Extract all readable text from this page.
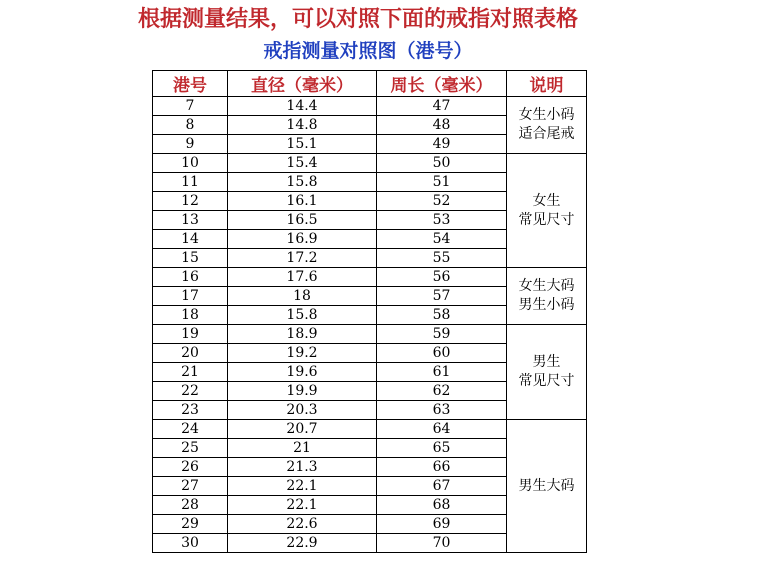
根据测量结果，可以对照下面的戒指对照表格
戒指测量对照图（港号）
港号	直径（毫米）	周长（毫米）	说明
7	14.4	47	女生小码
适合尾戒

8	14.8	48	
9	15.1	49	
10	15.4	50	女生
常见尺寸

11	15.8	51	
12	16.1	52	
13	16.5	53	
14	16.9	54	
15	17.2	55	
16	17.6	56	女生大码
男生小码

17	18	57	
18	15.8	58	
19	18.9	59	男生
常见尺寸

20	19.2	60	
21	19.6	61	
22	19.9	62	
23	20.3	63	
24	20.7	64	男生大码

25	21	65	
26	21.3	66	
27	22.1	67	
28	22.1	68	
29	22.6	69	
30	22.9	70	
